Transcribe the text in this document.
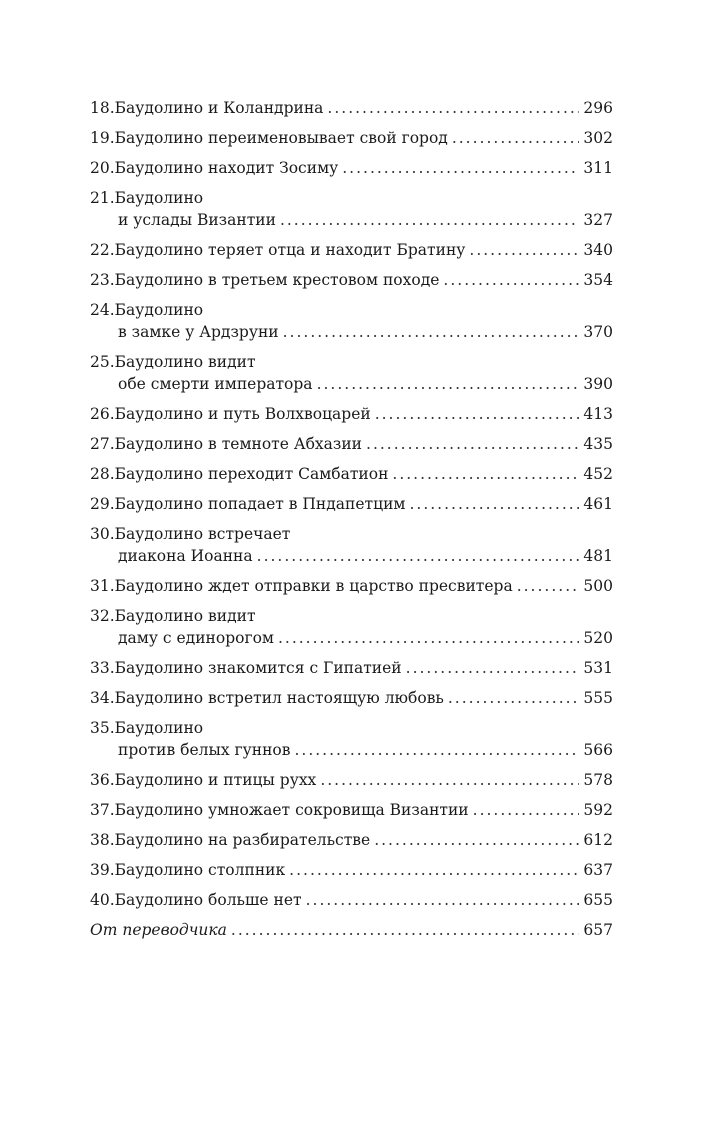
18. Баудолино и Коландрина .....	296
19. Баудолино переименовывает свой город .....	302
20. Баудолино находит Зосиму .....	311
21. Баудолино
и услады Византии .....	327
22. Баудолино теряет отца и находит Братину .....	340
23. Баудолино в третьем крестовом походе .....	354
24. Баудолино
в замке у Ардзруни .....	370
25. Баудолино видит
обе смерти императора .....	390
26. Баудолино и путь Волхвоцарей .....	413
27. Баудолино в темноте Абхазии .....	435
28. Баудолино переходит Самбатион .....	452
29. Баудолино попадает в Пндапетцим .....	461
30. Баудолино встречает
диакона Иоанна .....	481
31. Баудолино ждет отправки в царство пресвитера .....	500
32. Баудолино видит
даму с единорогом .....	520
33. Баудолино знакомится с Гипатией .....	531
34. Баудолино встретил настоящую любовь .....	555
35. Баудолино
против белых гуннов .....	566
36. Баудолино и птицы рухх .....	578
37. Баудолино умножает сокровища Византии .....	592
38. Баудолино на разбирательстве .....	612
39. Баудолино столпник .....	637
40. Баудолино больше нет .....	655
От переводчика .....	657
